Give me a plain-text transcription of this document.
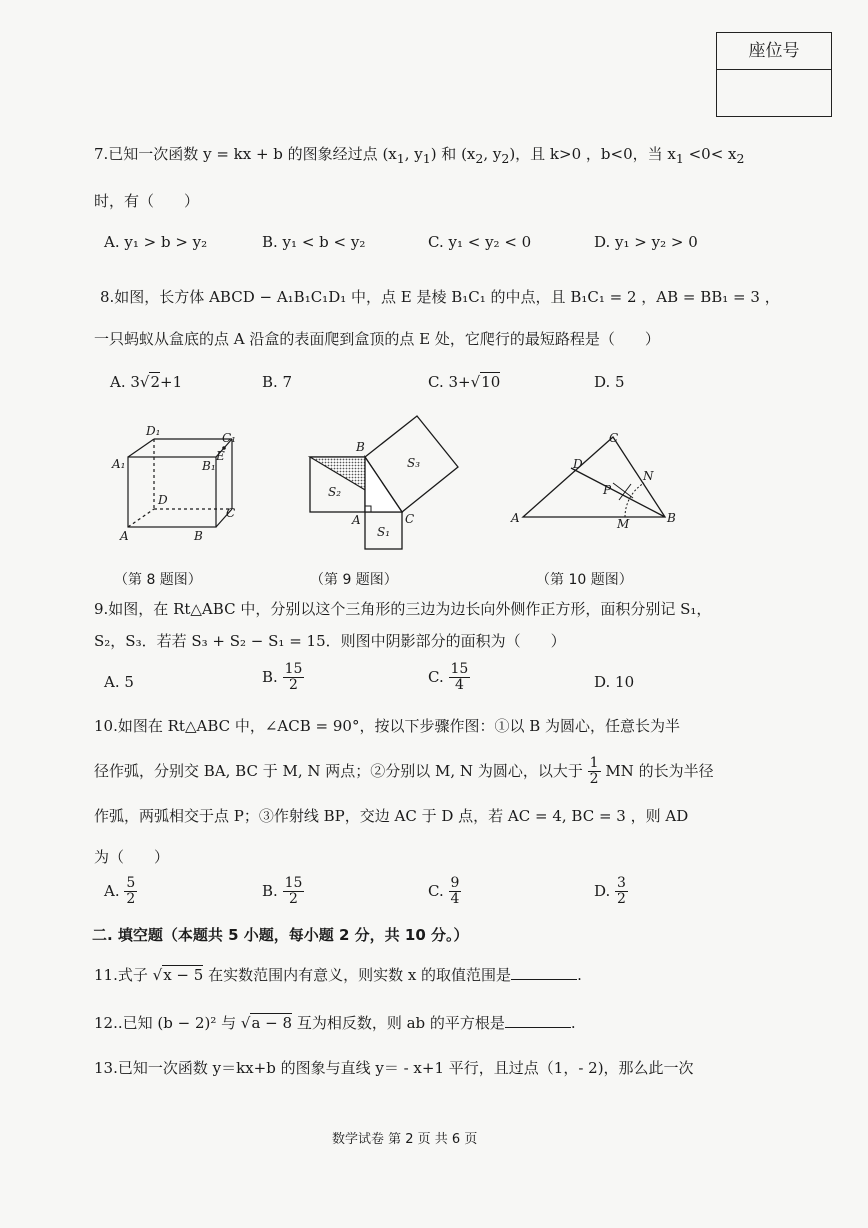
座位号
7.已知一次函数 y = kx + b 的图象经过点 ($x_1$, $y_1$) 和 ($x_2$, $y_2$)，且 k>0 ，b<0，当 $x_1 <0< x_2$
时，有（　　）
A. y₁ > b > y₂	B. y₁ < b < y₂	C. y₁ < y₂ < 0	D. y₁ > y₂ > 0
8.如图，长方体 ABCD − A₁B₁C₁D₁ 中，点 E 是棱 B₁C₁ 的中点，且 B₁C₁ = 2 ，AB = BB₁ = 3 ，
一只蚂蚁从盒底的点 A 沿盒的表面爬到盒顶的点 E 处，它爬行的最短路程是（　　）
A. 3√2+1	B. 7	C. 3+√10	D. 5
D₁	C₁
A₁	B₁
E
D
C
A	B
B
S₃
S₂
A	C
S₁
C
D
N
P
A	M	B
（第 8 题图）	（第 9 题图）	（第 10 题图）
9.如图，在 Rt△ABC 中，分别以这个三角形的三边为边长向外侧作正方形，面积分别记 S₁，
S₂，S₃．若若 S₃ + S₂ − S₁ = 15．则图中阴影部分的面积为（　　）
A. 5	B. $\frac{15}{2}$	C. $\frac{15}{4}$	D. 10
10.如图在 Rt△ABC 中，∠ACB = 90°，按以下步骤作图：①以 B 为圆心，任意长为半
径作弧，分别交 BA, BC 于 M, N 两点；②分别以 M, N 为圆心，以大于 $\frac{1}{2}$ MN 的长为半径
作弧，两弧相交于点 P；③作射线 BP，交边 AC 于 D 点，若 AC = 4, BC = 3 ，则 AD
为（　　）
A. $\frac{5}{2}$	B. $\frac{15}{2}$	C. $\frac{9}{4}$	D. $\frac{3}{2}$
二. 填空题（本题共 5 小题，每小题 2 分，共 10 分。）
11.式子 √x − 5 在实数范围内有意义，则实数 x 的取值范围是	.
12..已知 (b − 2)² 与 √a − 8 互为相反数，则 ab 的平方根是	.
13.已知一次函数 y＝kx+b 的图象与直线 y＝ - x+1 平行，且过点（1，- 2)，那么此一次
数学试卷 第 2 页 共 6 页
